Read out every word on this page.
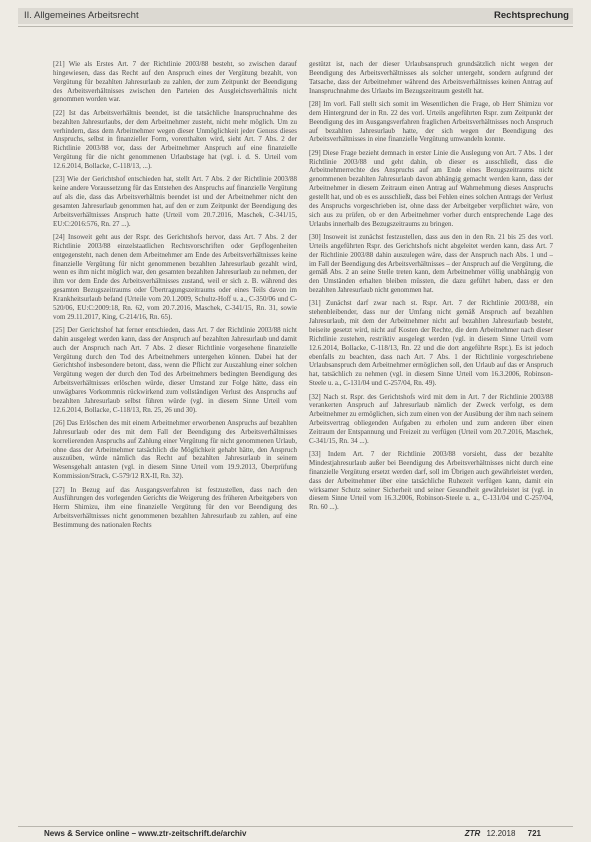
II. Allgemeines Arbeitsrecht	Rechtsprechung

[21] Wie als Erstes Art. 7 der Richtlinie 2003/88 besteht, so zwischen darauf hingewiesen, dass das Recht auf den Anspruch eines der Vergütung bezahlt, von Vergütung für bezahlten Jahresurlaub zu zahlen, der zum Zeitpunkt der Beendigung des Arbeitsverhältnisses zwischen den Parteien des Ausgleichsverhältnis nicht genommen worden war.

[22] Ist das Arbeitsverhältnis beendet, ist die tatsächliche Inanspruchnahme des bezahlten Jahresurlaubs, der dem Arbeitnehmer zusteht, nicht mehr möglich. Um zu verhindern, dass dem Arbeitnehmer wegen dieser Unmöglichkeit jeder Genuss dieses Anspruchs, selbst in finanzieller Form, vorenthalten wird, sieht Art. 7 Abs. 2 der Richtlinie 2003/88 vor, dass der Arbeitnehmer Anspruch auf eine finanzielle Vergütung für die nicht genommenen Urlaubstage hat (vgl. i. d. S. Urteil vom 12.6.2014, Bollacke, C-118/13, ...).

[23] Wie der Gerichtshof entschieden hat, stellt Art. 7 Abs. 2 der Richtlinie 2003/88 keine andere Voraussetzung für das Entstehen des Anspruchs auf finanzielle Vergütung auf als die, dass das Arbeitsverhältnis beendet ist und der Arbeitnehmer nicht den gesamten Jahresurlaub genommen hat, auf den er zum Zeitpunkt der Beendigung des Arbeitsverhältnisses Anspruch hatte (Urteil vom 20.7.2016, Maschek, C-341/15, EU:C:2016:576, Rn. 27 ...).

[24] Insoweit geht aus der Rspr. des Gerichtshofs hervor, dass Art. 7 Abs. 2 der Richtlinie 2003/88 einzelstaatlichen Rechtsvorschriften oder Gepflogenheiten entgegensteht, nach denen dem Arbeitnehmer am Ende des Arbeitsverhältnisses keine finanzielle Vergütung für nicht genommenen bezahlten Jahresurlaub gezahlt wird, wenn es ihm nicht möglich war, den gesamten bezahlten Jahresurlaub zu nehmen, der ihm vor dem Ende des Arbeitsverhältnisses zustand, weil er sich z. B. während des gesamten Bezugszeitraums oder Übertragungszeitraums oder eines Teils davon im Krankheitsurlaub befand (Urteile vom 20.1.2009, Schultz-Hoff u. a., C-350/06 und C-520/06, EU:C:2009:18, Rn. 62, vom 20.7.2016, Maschek, C-341/15, Rn. 31, sowie vom 29.11.2017, King, C-214/16, Rn. 65).

[25] Der Gerichtshof hat ferner entschieden, dass Art. 7 der Richtlinie 2003/88 nicht dahin ausgelegt werden kann, dass der Anspruch auf bezahlten Jahresurlaub und damit auch der Anspruch nach Art. 7 Abs. 2 dieser Richtlinie vorgesehene finanzielle Vergütung durch den Tod des Arbeitnehmers untergehen können. Dabei hat der Gerichtshof insbesondere betont, dass, wenn die Pflicht zur Auszahlung einer solchen Vergütung wegen der durch den Tod des Arbeitnehmers bedingten Beendigung des Arbeitsverhältnisses erlöschen würde, dieser Umstand zur Folge hätte, dass ein unwägbares Vorkommnis rückwirkend zum vollständigen Verlust des Anspruchs auf bezahlten Jahresurlaub selbst führen würde (vgl. in diesem Sinne Urteil vom 12.6.2014, Bollacke, C-118/13, Rn. 25, 26 und 30).

[26] Das Erlöschen des mit einem Arbeitnehmer erworbenen Anspruchs auf bezahlten Jahresurlaub oder des mit dem Fall der Beendigung des Arbeitsverhältnisses korrelierenden Anspruchs auf Zahlung einer Vergütung für nicht genommenen Urlaub, ohne dass der Arbeitnehmer tatsächlich die Möglichkeit gehabt hätte, den Anspruch auszuüben, würde nämlich das Recht auf bezahlten Jahresurlaub in seinem Wesensgehalt antasten (vgl. in diesem Sinne Urteil vom 19.9.2013, Überprüfung Kommission/Strack, C-579/12 RX-II, Rn. 32).

[27] In Bezug auf das Ausgangsverfahren ist festzustellen, dass nach den Ausführungen des vorlegenden Gerichts die Weigerung des früheren Arbeitgebers von Herrn Shimizu, ihm eine finanzielle Vergütung für den vor Beendigung des Arbeitsverhältnisses nicht genommenen bezahlten Jahresurlaub zu zahlen, auf eine Bestimmung des nationalen Rechts

gestützt ist, nach der dieser Urlaubsanspruch grundsätzlich nicht wegen der Beendigung des Arbeitsverhältnisses als solcher untergeht, sondern aufgrund der Tatsache, dass der Arbeitnehmer während des Arbeitsverhältnisses keinen Antrag auf Inanspruchnahme des Urlaubs im Bezugszeitraum gestellt hat.

[28] Im vorl. Fall stellt sich somit im Wesentlichen die Frage, ob Herr Shimizu vor dem Hintergrund der in Rn. 22 des vorl. Urteils angeführten Rspr. zum Zeitpunkt der Beendigung des im Ausgangsverfahren fraglichen Arbeitsverhältnisses noch Anspruch auf bezahlten Jahresurlaub hatte, der sich wegen der Beendigung des Arbeitsverhältnisses in eine finanzielle Vergütung umwandeln konnte.

[29] Diese Frage bezieht demnach in erster Linie die Auslegung von Art. 7 Abs. 1 der Richtlinie 2003/88 und geht dahin, ob dieser es ausschließt, dass die Arbeitnehmerrechte des Anspruchs auf am Ende eines Bezugszeitraums nicht genommenen bezahlten Jahresurlaub davon abhängig gemacht werden kann, dass der Arbeitnehmer in diesem Zeitraum einen Antrag auf Wahrnehmung dieses Anspruchs gestellt hat, und ob es es ausschließt, dass bei Fehlen eines solchen Antrags der Verlust des Anspruchs vorgeschrieben ist, ohne dass der Arbeitgeber verpflichtet wäre, von sich aus zu prüfen, ob er den Arbeitnehmer vorher durch entsprechende Lage des Urlaubs innerhalb des Bezugszeitraums zu bringen.

[30] Insoweit ist zunächst festzustellen, dass aus den in den Rn. 21 bis 25 des vorl. Urteils angeführten Rspr. des Gerichtshofs nicht abgeleitet werden kann, dass Art. 7 der Richtlinie 2003/88 dahin auszulegen wäre, dass der Anspruch nach Abs. 1 und – im Fall der Beendigung des Arbeitsverhältnisses – der Anspruch auf die Vergütung, die gemäß Abs. 2 an seine Stelle treten kann, dem Arbeitnehmer völlig unabhängig von den Umständen erhalten bleiben müssten, die dazu geführt haben, dass er den bezahlten Jahresurlaub nicht genommen hat.

[31] Zunächst darf zwar nach st. Rspr. Art. 7 der Richtlinie 2003/88, ein stehenbleibender, dass nur der Umfang nicht gemäß Anspruch auf bezahlten Jahresurlaub, mit dem der Arbeitnehmer nicht auf bezahlten Jahresurlaub besteht, beiseite gesetzt wird, nicht auf Kosten der Rechte, die dem Arbeitnehmer nach dieser Richtlinie zustehen, restriktiv ausgelegt werden (vgl. in diesem Sinne Urteil vom 12.6.2014, Bollacke, C-118/13, Rn. 22 und die dort angeführte Rspr.). Es ist jedoch ebenfalls zu beachten, dass nach Art. 7 Abs. 1 der Richtlinie vorgeschriebene Urlaubsanspruch dem Arbeitnehmer ermöglichen soll, den Urlaub auf das er Anspruch hat, tatsächlich zu nehmen (vgl. in diesem Sinne Urteil vom 16.3.2006, Robinson-Steele u. a., C-131/04 und C-257/04, Rn. 49).

[32] Nach st. Rspr. des Gerichtshofs wird mit dem in Art. 7 der Richtlinie 2003/88 verankerten Anspruch auf Jahresurlaub nämlich der Zweck verfolgt, es dem Arbeitnehmer zu ermöglichen, sich zum einen von der Ausübung der ihm nach seinem Arbeitsvertrag obliegenden Aufgaben zu erholen und zum anderen über einen Zeitraum der Entspannung und Freizeit zu verfügen (Urteil vom 20.7.2016, Maschek, C-341/15, Rn. 34 ...).

[33] Indem Art. 7 der Richtlinie 2003/88 vorsieht, dass der bezahlte Mindestjahresurlaub außer bei Beendigung des Arbeitsverhältnisses nicht durch eine finanzielle Vergütung ersetzt werden darf, soll im Übrigen auch gewährleistet werden, dass der Arbeitnehmer über eine tatsächliche Ruhezeit verfügen kann, damit ein wirksamer Schutz seiner Sicherheit und seiner Gesundheit gewährleistet ist (vgl. in diesem Sinne Urteil vom 16.3.2006, Robinson-Steele u. a., C-131/04 und C-257/04, Rn. 60 ...).

News & Service online – www.ztr-zeitschrift.de/archiv	ZTR 12.2018 721
